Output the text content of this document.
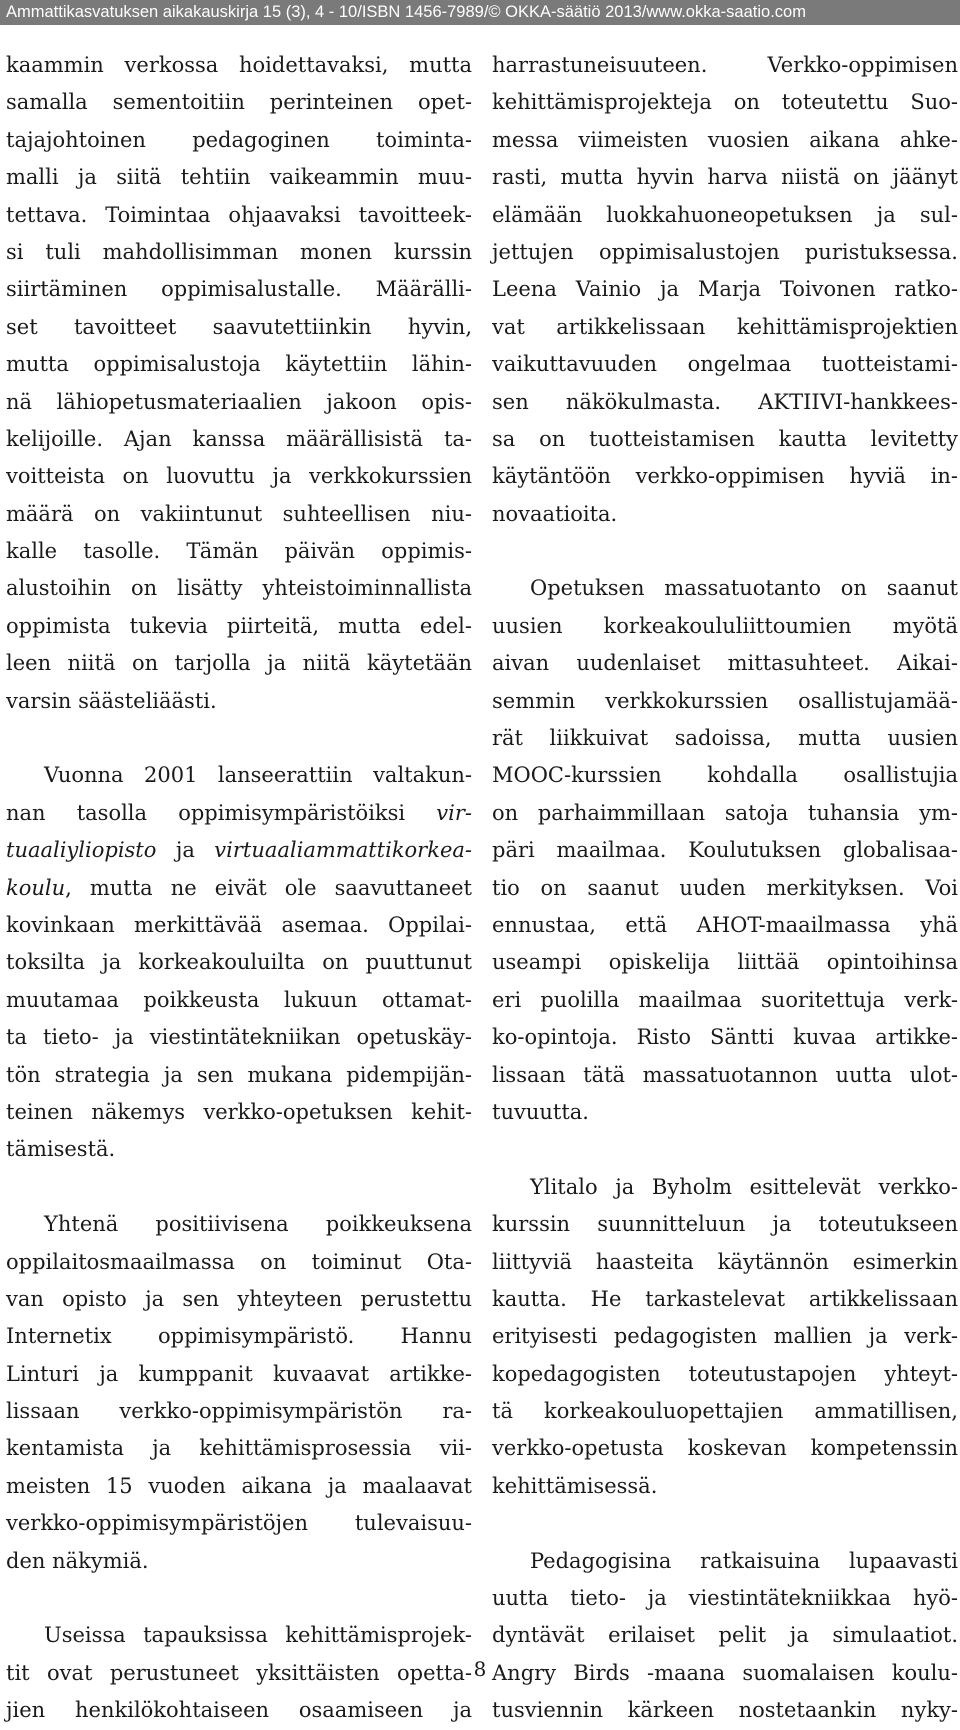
Ammattikasvatuksen aikakauskirja 15 (3), 4 - 10/ISBN 1456-7989/© OKKA-säätiö 2013/www.okka-saatio.com
kaammin verkossa hoidettavaksi, mutta
samalla sementoitiin perinteinen opet-
tajajohtoinen pedagoginen toiminta-
malli ja siitä tehtiin vaikeammin muu-
tettava. Toimintaa ohjaavaksi tavoitteek-
si tuli mahdollisimman monen kurssin
siirtäminen oppimisalustalle. Määrälli-
set tavoitteet saavutettiinkin hyvin,
mutta oppimisalustoja käytettiin lähin-
nä lähiopetusmateriaalien jakoon opis-
kelijoille. Ajan kanssa määrällisistä ta-
voitteista on luovuttu ja verkkokurssien
määrä on vakiintunut suhteellisen niu-
kalle tasolle. Tämän päivän oppimis-
alustoihin on lisätty yhteistoiminnallista
oppimista tukevia piirteitä, mutta edel-
leen niitä on tarjolla ja niitä käytetään
varsin säästeliäästi.
Vuonna 2001 lanseerattiin valtakun-
nan tasolla oppimisympäristöiksi vir-
tuaaliyliopisto ja virtuaaliammattikorkea-
koulu, mutta ne eivät ole saavuttaneet
kovinkaan merkittävää asemaa. Oppilai-
toksilta ja korkeakouluilta on puuttunut
muutamaa poikkeusta lukuun ottamat-
ta tieto- ja viestintätekniikan opetuskäy-
tön strategia ja sen mukana pidempijän-
teinen näkemys verkko-opetuksen kehit-
tämisestä.
Yhtenä positiivisena poikkeuksena
oppilaitosmaailmassa on toiminut Ota-
van opisto ja sen yhteyteen perustettu
Internetix oppimisympäristö. Hannu
Linturi ja kumppanit kuvaavat artikke-
lissaan verkko-oppimisympäristön ra-
kentamista ja kehittämisprosessia vii-
meisten 15 vuoden aikana ja maalaavat
verkko-oppimisympäristöjen tulevaisuu-
den näkymiä.
Useissa tapauksissa kehittämisprojek-
tit ovat perustuneet yksittäisten opetta-
jien henkilökohtaiseen osaamiseen ja
harrastuneisuuteen. Verkko-oppimisen
kehittämisprojekteja on toteutettu Suo-
messa viimeisten vuosien aikana ahke-
rasti, mutta hyvin harva niistä on jäänyt
elämään luokkahuoneopetuksen ja sul-
jettujen oppimisalustojen puristuksessa.
Leena Vainio ja Marja Toivonen ratko-
vat artikkelissaan kehittämisprojektien
vaikuttavuuden ongelmaa tuotteistami-
sen näkökulmasta. AKTIIVI-hankkees-
sa on tuotteistamisen kautta levitetty
käytäntöön verkko-oppimisen hyviä in-
novaatioita.
Opetuksen massatuotanto on saanut
uusien korkeakoululiittoumien myötä
aivan uudenlaiset mittasuhteet. Aikai-
semmin verkkokurssien osallistujamää-
rät liikkuivat sadoissa, mutta uusien
MOOC-kurssien kohdalla osallistujia
on parhaimmillaan satoja tuhansia ym-
päri maailmaa. Koulutuksen globalisaa-
tio on saanut uuden merkityksen. Voi
ennustaa, että AHOT-maailmassa yhä
useampi opiskelija liittää opintoihinsa
eri puolilla maailmaa suoritettuja verk-
ko-opintoja. Risto Säntti kuvaa artikke-
lissaan tätä massatuotannon uutta ulot-
tuvuutta.
Ylitalo ja Byholm esittelevät verkko-
kurssin suunnitteluun ja toteutukseen
liittyviä haasteita käytännön esimerkin
kautta. He tarkastelevat artikkelissaan
erityisesti pedagogisten mallien ja verk-
kopedagogisten toteutustapojen yhteyt-
tä korkeakouluopettajien ammatillisen,
verkko-opetusta koskevan kompetenssin
kehittämisessä.
Pedagogisina ratkaisuina lupaavasti
uutta tieto- ja viestintätekniikkaa hyö-
dyntävät erilaiset pelit ja simulaatiot.
Angry Birds -maana suomalaisen koulu-
tusviennin kärkeen nostetaankin nyky-
8
